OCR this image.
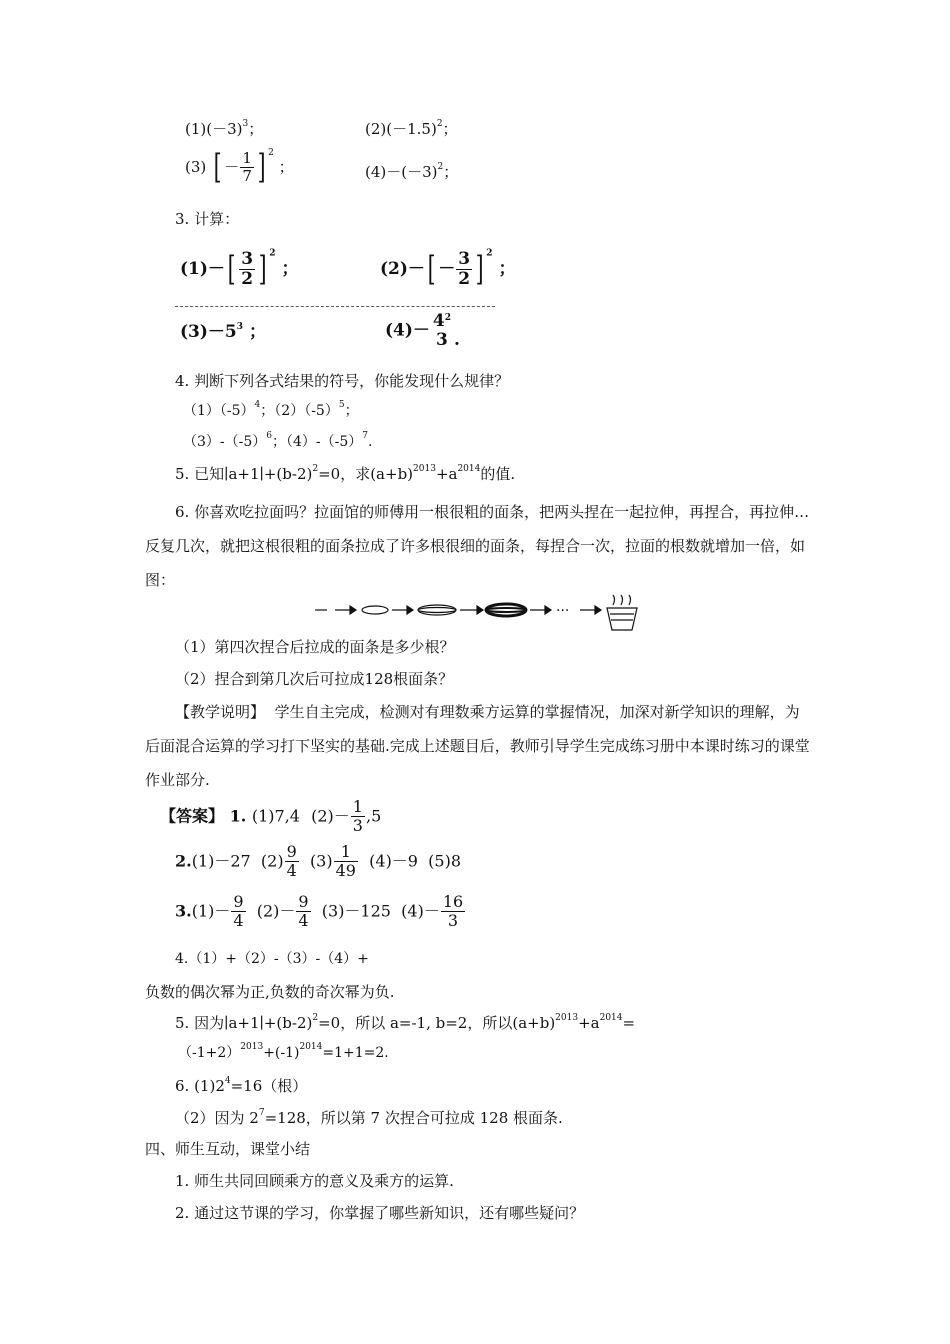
$(1)(-3)^3$；	$(2)(-1.5)^2$；
(3) [ － $\frac{1}{7}$ ] $^2$ ；	$(4)-(-3)^2$；
3. 计算：
$(1)-[ \frac{3}{2}$ ] $^2$ ；	$(2)-[ - \frac{3}{2}$ ] $^2$ ；
$(3)-5^3$ ；	$(4)- 4^2$
3 .
4. 判断下列各式结果的符号，你能发现什么规律？
$(1)(-5)^4$；$(2)(-5)^5$；
$(3)-(-5)^6$；$(4)-(-5)^7$.
5. 已知$∣a+1∣+(b-2)^2=0$，求$(a+b)^{2013}+a^{2014}$的值.
6. 你喜欢吃拉面吗？拉面馆的师傅用一根很粗的面条，把两头捏在一起拉伸，再捏合，再拉伸…反复几次，就把这根很粗的面条拉成了许多根很细的面条，每捏合一次，拉面的根数就增加一倍，如图：
···
（1）第四次捏合后拉成的面条是多少根？
（2）捏合到第几次后可拉成128根面条？
【教学说明】 学生自主完成，检测对有理数乘方运算的掌握情况，加深对新学知识的理解，为后面混合运算的学习打下坚实的基础.完成上述题目后，教师引导学生完成练习册中本课时练习的课堂作业部分.
【答案】 1. (1)7,4 $(2)- \frac{1}{3} ,5$
2.(1)－27 $(2) \frac{9}{4} (3) \frac{1}{49} (4)-9$ (5)8
$3.(1)- \frac{9}{4} (2)- \frac{9}{4} (3)-125$ $(4)- \frac{16}{3}$
4.（1）+（2）-（3）-（4）+
负数的偶次幂为正,负数的奇次幂为负.
5. 因为$∣a+1∣+(b-2)^2=0$，所以 a=-1, b=2，所以$(a+b)^{2013}+a^{2014}=$
$(-1+2)^{2013}+(-1)^{2014}=1+1=2$.
6. $(1)2^4=16$（根）
（2）因为 $2^7=128$，所以第 7 次捏合可拉成 128 根面条.
四、师生互动，课堂小结
1. 师生共同回顾乘方的意义及乘方的运算.
2. 通过这节课的学习，你掌握了哪些新知识，还有哪些疑问？
